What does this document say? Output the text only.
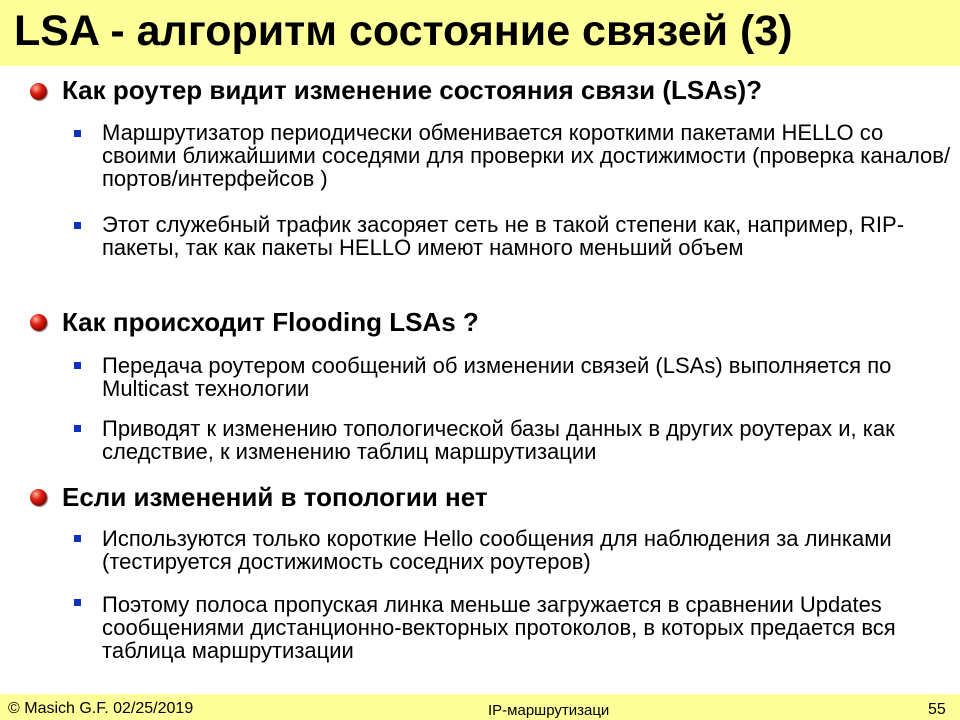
LSA - алгоритм состояние связей (3)
Как роутер видит изменение состояния связи (LSAs)?
Маршрутизатор периодически обменивается короткими пакетами HELLO со своими ближайшими соседями для проверки их достижимости (проверка каналов/портов/интерфейсов )
Этот служебный трафик засоряет сеть не в такой степени как, например, RIP-пакеты, так как пакеты HELLO имеют намного меньший объем
Как происходит Flooding LSAs ?
Передача роутером сообщений об изменении связей (LSAs) выполняется по Multicast технологии
Приводят к изменению топологической базы данных в других роутерах и, как следствие, к изменению таблиц маршрутизации
Если изменений в топологии нет
Используются только короткие Hello сообщения для наблюдения за линками (тестируется достижимость соседних роутеров)
Поэтому полоса пропуская линка меньше загружается в сравнении Updates сообщениями дистанционно-векторных протоколов, в которых предается вся таблица маршрутизации
© Masich G.F. 02/25/2019	IP-маршрутизаци	55
